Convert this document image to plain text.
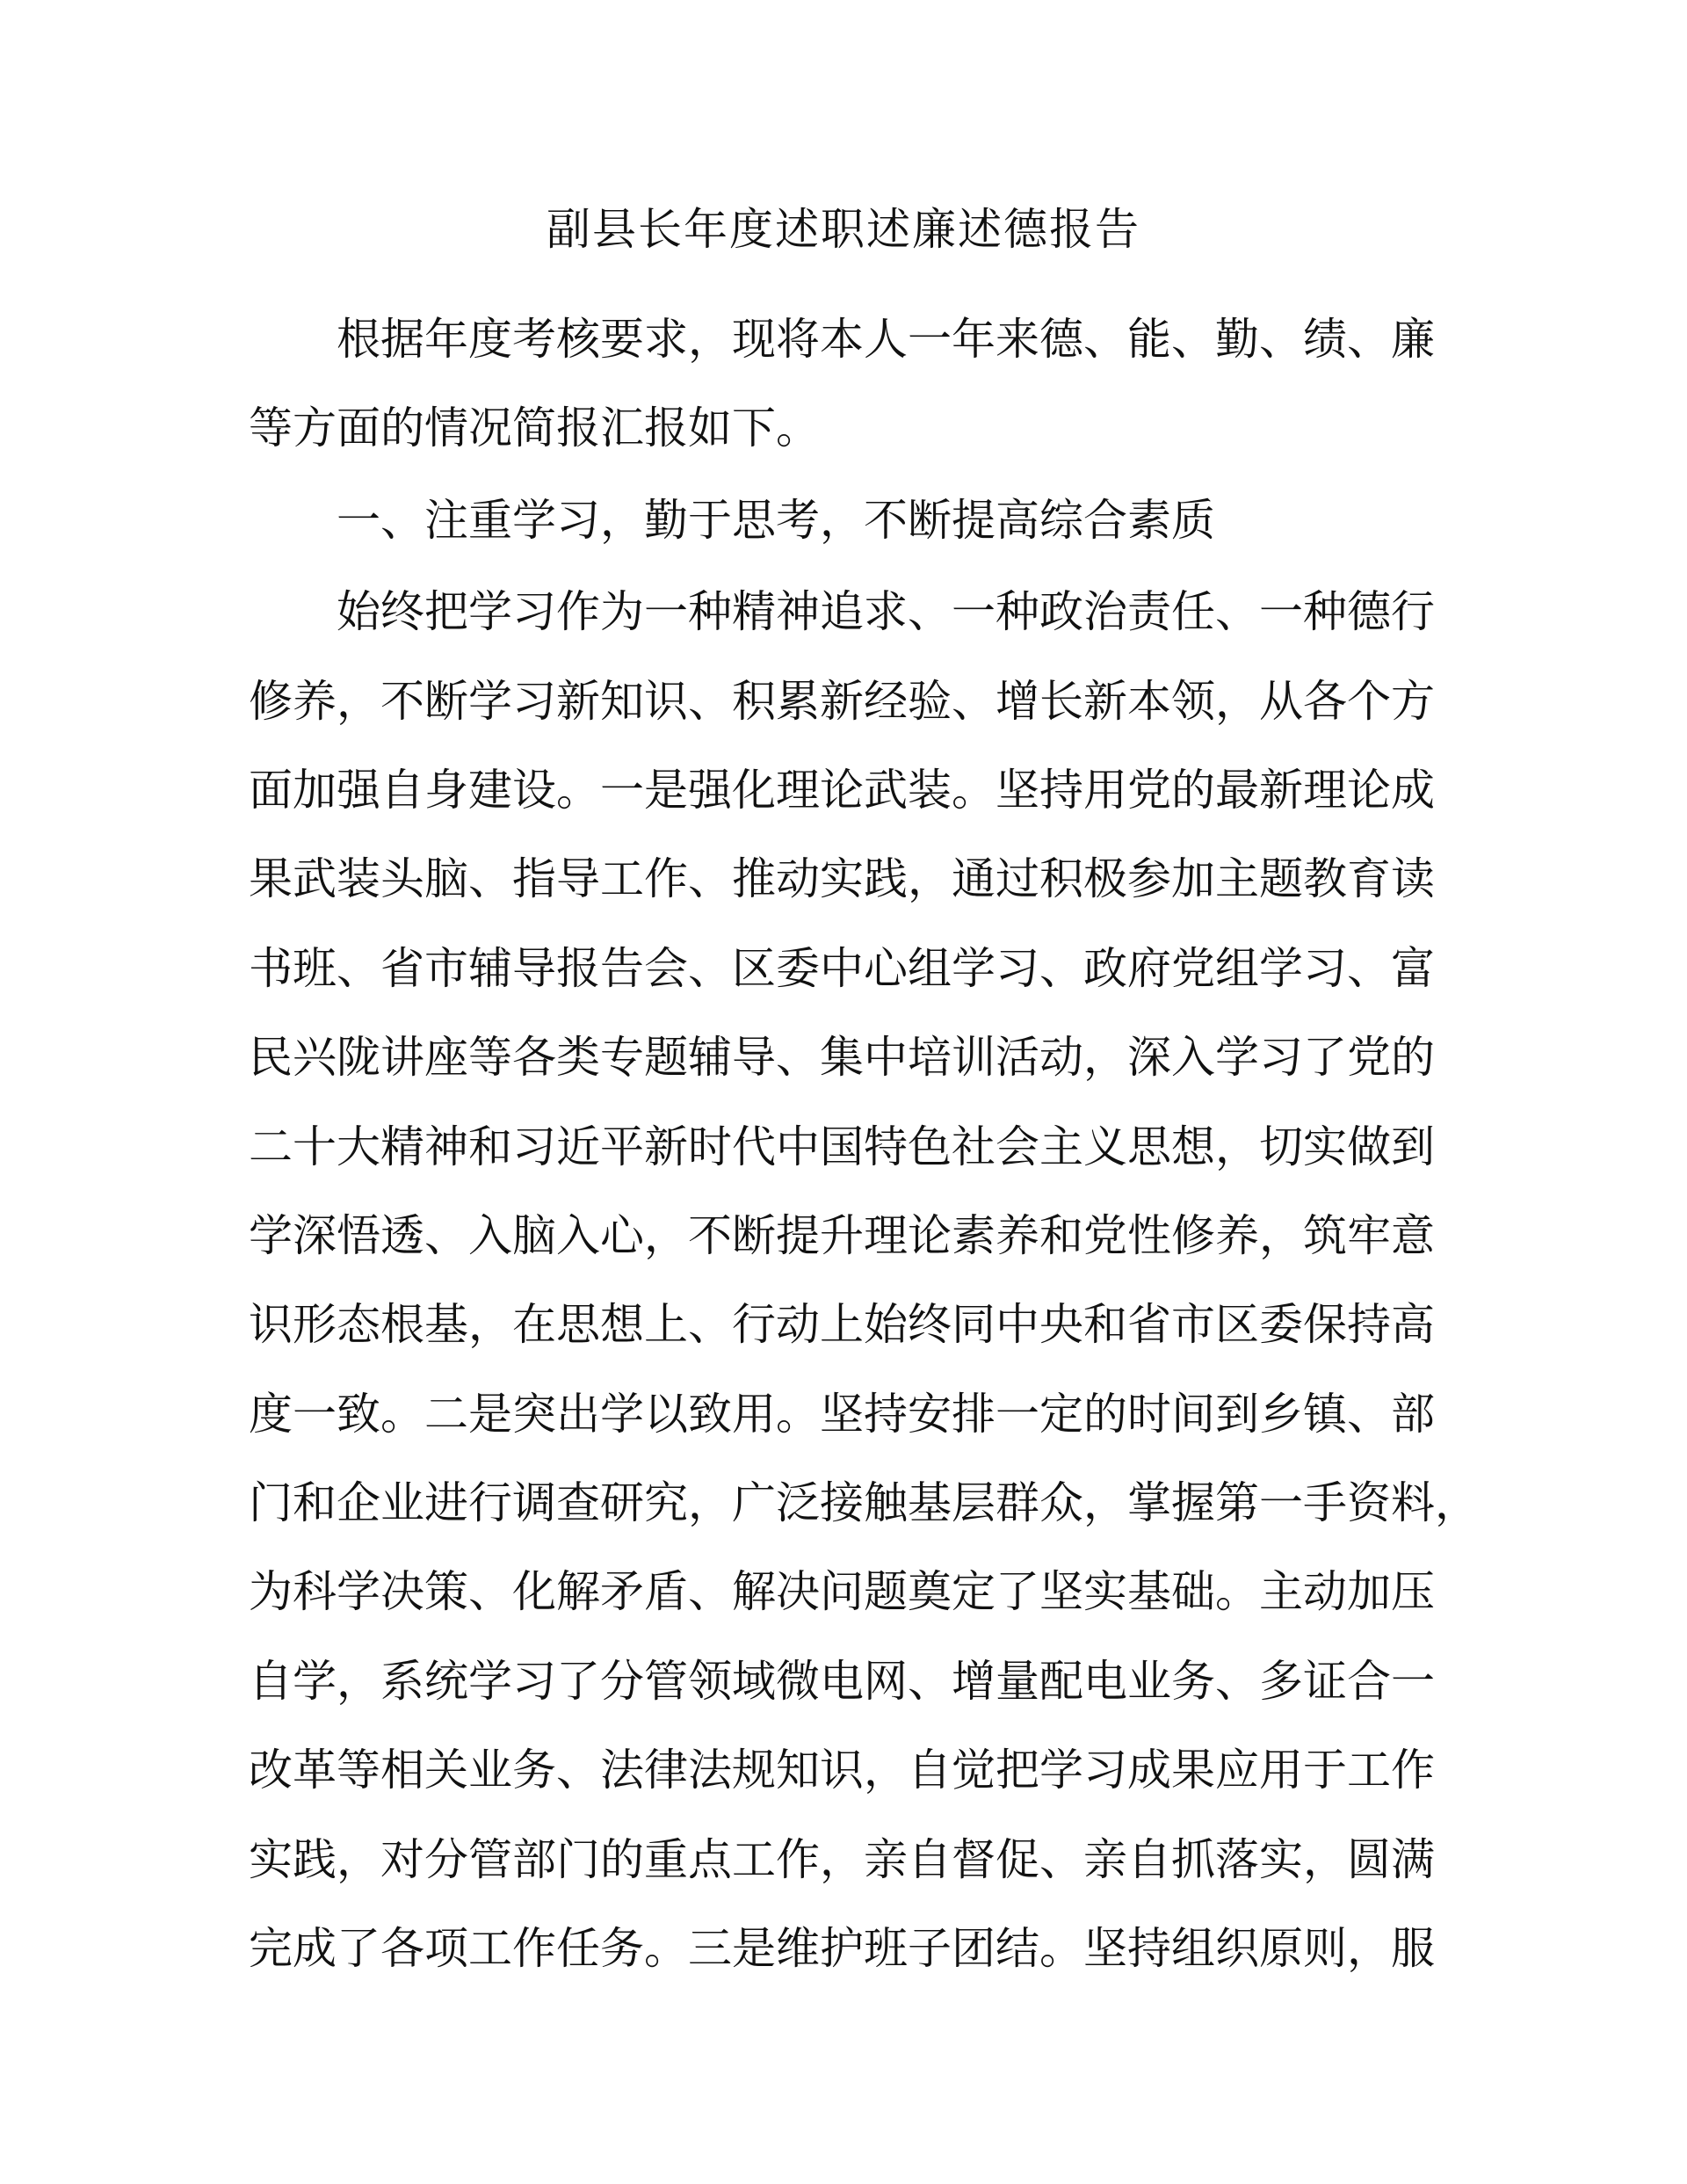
副县长年度述职述廉述德报告

根据年度考核要求，现将本人一年来德、能、勤、绩、廉
等方面的情况简报汇报如下。

一、注重学习，勤于思考，不断提高综合素质

始终把学习作为一种精神追求、一种政治责任、一种德行
修养，不断学习新知识、积累新经验、增长新本领，从各个方
面加强自身建设。一是强化理论武装。坚持用党的最新理论成
果武装头脑、指导工作、推动实践，通过积极参加主题教育读
书班、省市辅导报告会、区委中心组学习、政府党组学习、富
民兴陇讲座等各类专题辅导、集中培训活动，深入学习了党的
二十大精神和习近平新时代中国特色社会主义思想，切实做到
学深悟透、入脑入心，不断提升理论素养和党性修养，筑牢意
识形态根基，在思想上、行动上始终同中央和省市区委保持高
度一致。二是突出学以致用。坚持安排一定的时间到乡镇、部
门和企业进行调查研究，广泛接触基层群众，掌握第一手资料，
为科学决策、化解矛盾、解决问题奠定了坚实基础。主动加压
自学，系统学习了分管领域微电网、增量配电业务、多证合一
改革等相关业务、法律法规知识，自觉把学习成果应用于工作
实践，对分管部门的重点工作，亲自督促、亲自抓落实，圆满
完成了各项工作任务。三是维护班子团结。坚持组织原则，服
